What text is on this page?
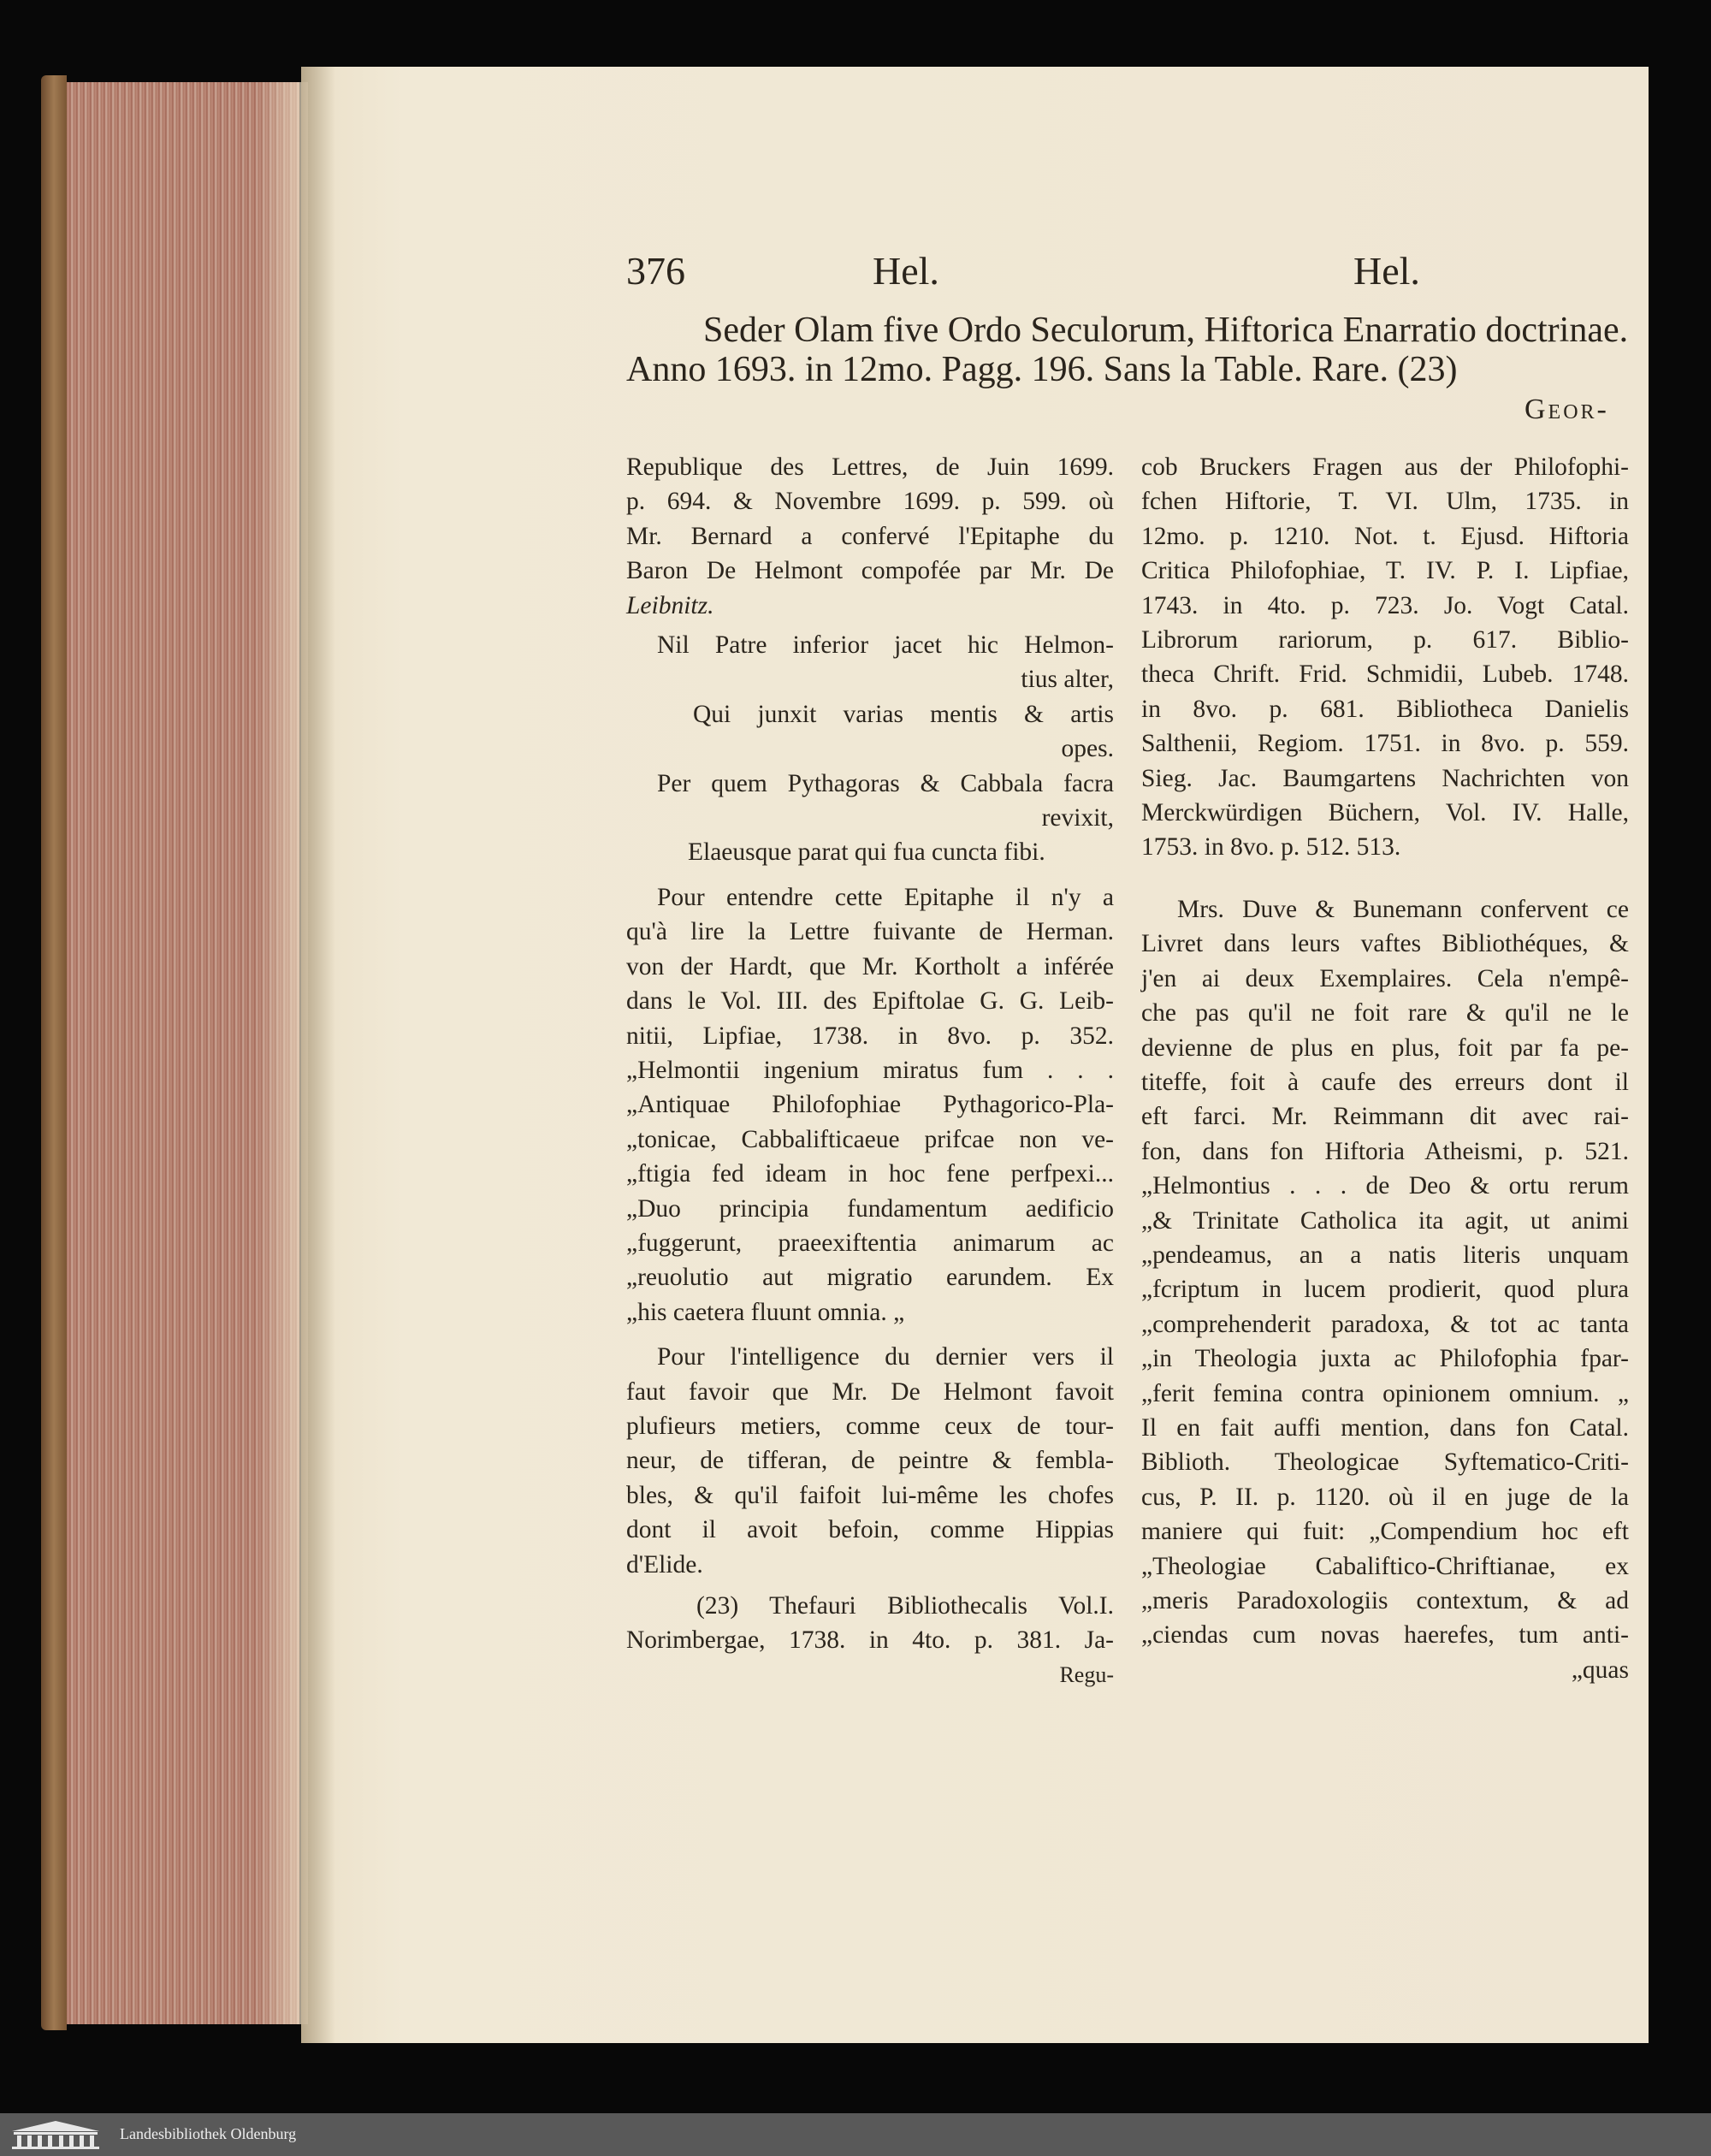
376	Hel.	Hel.
Seder Olam five Ordo Seculorum, Hiftorica Enarratio doctrinae.
Anno 1693. in 12mo. Pagg. 196. Sans la Table. Rare. (23)
Geor-
Republique des Lettres, de Juin 1699.
p. 694. & Novembre 1699. p. 599. où
Mr. Bernard a confervé l'Epitaphe du
Baron De Helmont compofée par Mr. De
Leibnitz.
Nil Patre inferior jacet hic Helmon-
tius alter,
Qui junxit varias mentis & artis
opes.
Per quem Pythagoras & Cabbala facra
revixit,
Elaeusque parat qui fua cuncta fibi.
Pour entendre cette Epitaphe il n'y a
qu'à lire la Lettre fuivante de Herman.
von der Hardt, que Mr. Kortholt a inférée
dans le Vol. III. des Epiftolae G. G. Leib-
nitii, Lipfiae, 1738. in 8vo. p. 352.
„Helmontii ingenium miratus fum . . .
„Antiquae Philofophiae Pythagorico-Pla-
„tonicae, Cabbalifticaeue prifcae non ve-
„ftigia fed ideam in hoc fene perfpexi...
„Duo principia fundamentum aedificio
„fuggerunt, praeexiftentia animarum ac
„reuolutio aut migratio earundem. Ex
„his caetera fluunt omnia. „
Pour l'intelligence du dernier vers il
faut favoir que Mr. De Helmont favoit
plufieurs metiers, comme ceux de tour-
neur, de tifferan, de peintre & fembla-
bles, & qu'il faifoit lui-même les chofes
dont il avoit befoin, comme Hippias
d'Elide.
(23) Thefauri Bibliothecalis Vol.I.
Norimbergae, 1738. in 4to. p. 381. Ja-
Regu-
cob Bruckers Fragen aus der Philofophi-
fchen Hiftorie, T. VI. Ulm, 1735. in
12mo. p. 1210. Not. t. Ejusd. Hiftoria
Critica Philofophiae, T. IV. P. I. Lipfiae,
1743. in 4to. p. 723. Jo. Vogt Catal.
Librorum rariorum, p. 617. Biblio-
theca Chrift. Frid. Schmidii, Lubeb. 1748.
in 8vo. p. 681. Bibliotheca Danielis
Salthenii, Regiom. 1751. in 8vo. p. 559.
Sieg. Jac. Baumgartens Nachrichten von
Merckwürdigen Büchern, Vol. IV. Halle,
1753. in 8vo. p. 512. 513.
Mrs. Duve & Bunemann confervent ce
Livret dans leurs vaftes Bibliothéques, &
j'en ai deux Exemplaires. Cela n'empê-
che pas qu'il ne foit rare & qu'il ne le
devienne de plus en plus, foit par fa pe-
titeffe, foit à caufe des erreurs dont il
eft farci. Mr. Reimmann dit avec rai-
fon, dans fon Hiftoria Atheismi, p. 521.
„Helmontius . . . de Deo & ortu rerum
„& Trinitate Catholica ita agit, ut animi
„pendeamus, an a natis literis unquam
„fcriptum in lucem prodierit, quod plura
„comprehenderit paradoxa, & tot ac tanta
„in Theologia juxta ac Philofophia fpar-
„ferit femina contra opinionem omnium. „
Il en fait auffi mention, dans fon Catal.
Biblioth. Theologicae Syftematico-Criti-
cus, P. II. p. 1120. où il en juge de la
maniere qui fuit: „Compendium hoc eft
„Theologiae Cabaliftico-Chriftianae, ex
„meris Paradoxologiis contextum, & ad
„ciendas cum novas haerefes, tum anti-
„quas
Landesbibliothek Oldenburg
